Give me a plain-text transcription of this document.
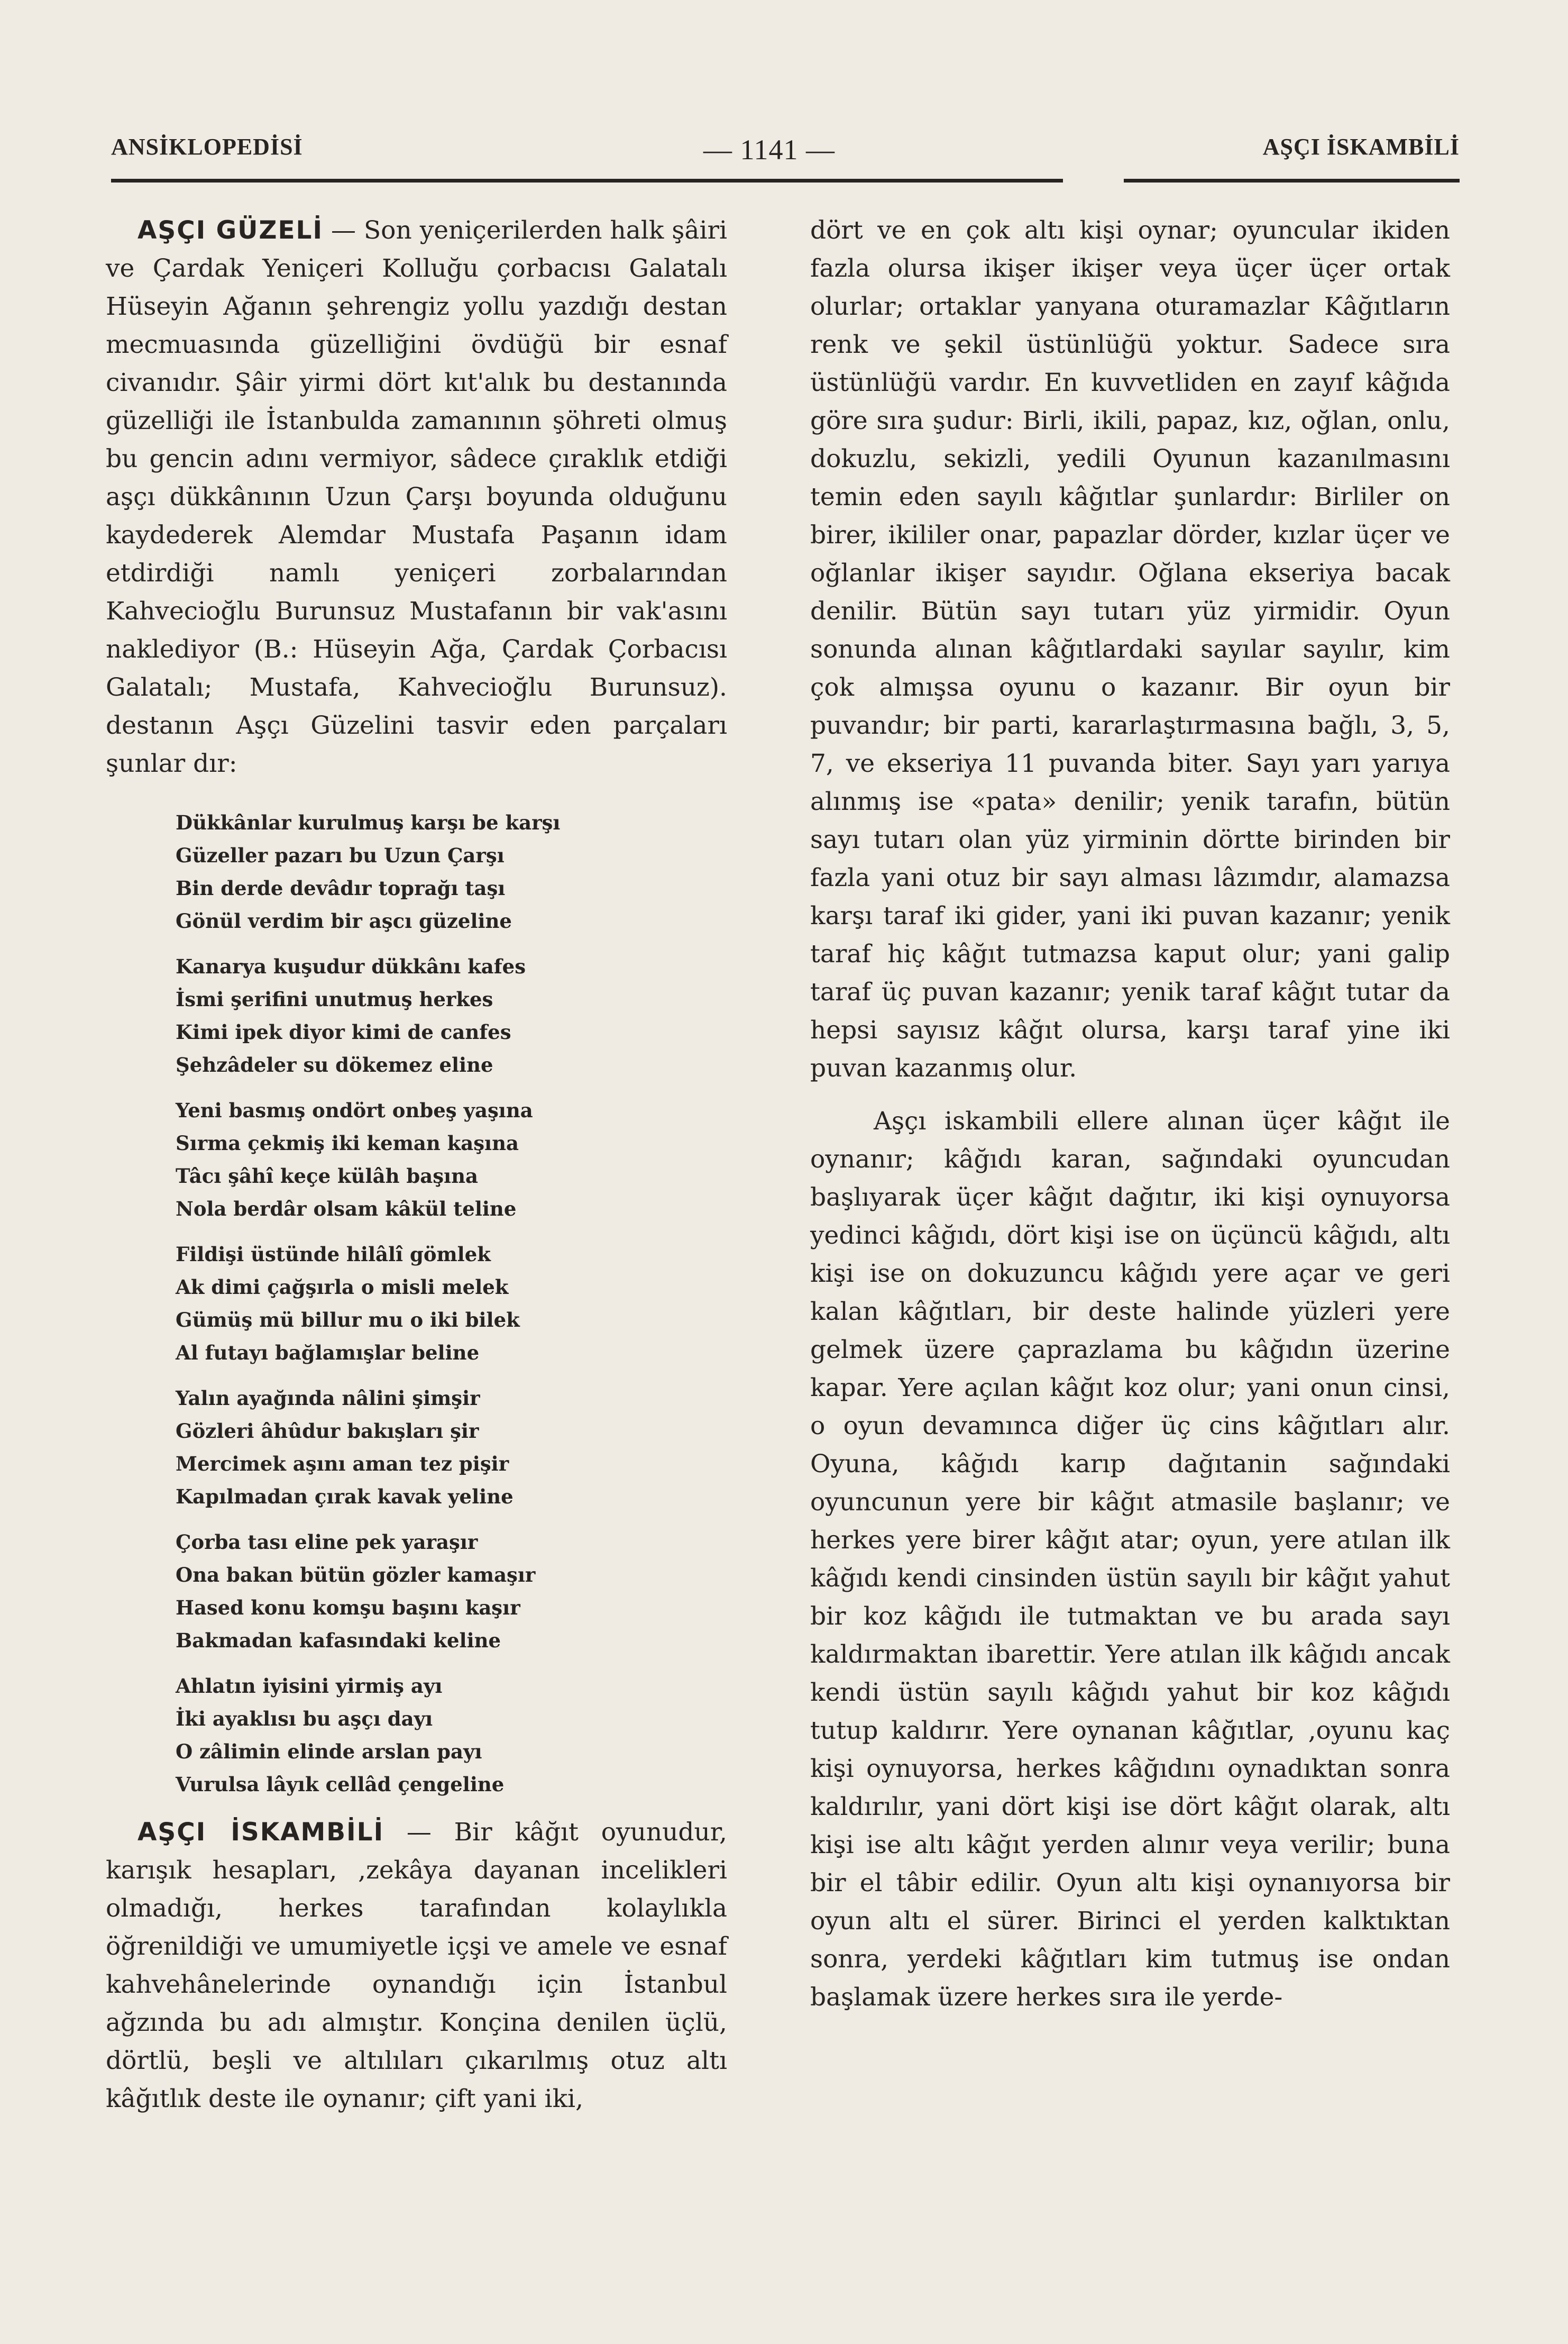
ANSİKLOPEDİSİ	— 1141 —	AŞÇI İSKAMBİLİ

AŞÇI GÜZELİ — Son yeniçerilerden halk şâiri ve Çardak Yeniçeri Kolluğu çorbacısı Galatalı Hüseyin Ağanın şehrengiz yollu yazdığı destan mecmuasında güzelliğini övdüğü bir esnaf civanıdır. Şâir yirmi dört kıt'alık bu destanında güzelliği ile İstanbulda zamanının şöhreti olmuş bu gencin adını vermiyor, sâdece çıraklık etdiği aşçı dükkânının Uzun Çarşı boyunda olduğunu kaydederek Alemdar Mustafa Paşanın idam etdirdiği namlı yeniçeri zorbalarından Kahvecioğlu Burunsuz Mustafanın bir vak'asını naklediyor (B.: Hüseyin Ağa, Çardak Çorbacısı Galatalı; Mustafa, Kahvecioğlu Burunsuz). destanın Aşçı Güzelini tasvir eden parçaları şunlar dır:

Dükkânlar kurulmuş karşı be karşı
Güzeller pazarı bu Uzun Çarşı
Bin derde devâdır toprağı taşı
Gönül verdim bir aşcı güzeline
Kanarya kuşudur dükkânı kafes
İsmi şerifini unutmuş herkes
Kimi ipek diyor kimi de canfes
Şehzâdeler su dökemez eline
Yeni basmış ondört onbeş yaşına
Sırma çekmiş iki keman kaşına
Tâcı şâhî keçe külâh başına
Nola berdâr olsam kâkül teline
Fildişi üstünde hilâlî gömlek
Ak dimi çağşırla o misli melek
Gümüş mü billur mu o iki bilek
Al futayı bağlamışlar beline
Yalın ayağında nâlini şimşir
Gözleri âhûdur bakışları şir
Mercimek aşını aman tez pişir
Kapılmadan çırak kavak yeline
Çorba tası eline pek yaraşır
Ona bakan bütün gözler kamaşır
Hased konu komşu başını kaşır
Bakmadan kafasındaki keline
Ahlatın iyisini yirmiş ayı
İki ayaklısı bu aşçı dayı
O zâlimin elinde arslan payı
Vurulsa lâyık cellâd çengeline

AŞÇI İSKAMBİLİ — Bir kâğıt oyunudur, karışık hesapları, ,zekâya dayanan incelikleri olmadığı, herkes tarafından kolaylıkla öğrenildiği ve umumiyetle içşi ve amele ve esnaf kahvehânelerinde oynandığı için İstanbul ağzında bu adı almıştır. Konçina denilen üçlü, dörtlü, beşli ve altılıları çıkarılmış otuz altı kâğıtlık deste ile oynanır; çift yani iki,

dört ve en çok altı kişi oynar; oyuncular ikiden fazla olursa ikişer ikişer veya üçer üçer ortak olurlar; ortaklar yanyana oturamazlar Kâğıtların renk ve şekil üstünlüğü yoktur. Sadece sıra üstünlüğü vardır. En kuvvetliden en zayıf kâğıda göre sıra şudur: Birli, ikili, papaz, kız, oğlan, onlu, dokuzlu, sekizli, yedili Oyunun kazanılmasını temin eden sayılı kâğıtlar şunlardır: Birliler on birer, ikililer onar, papazlar dörder, kızlar üçer ve oğlanlar ikişer sayıdır. Oğlana ekseriya bacak denilir. Bütün sayı tutarı yüz yirmidir. Oyun sonunda alınan kâğıtlardaki sayılar sayılır, kim çok almışsa oyunu o kazanır. Bir oyun bir puvandır; bir parti, kararlaştırmasına bağlı, 3, 5, 7, ve ekseriya 11 puvanda biter. Sayı yarı yarıya alınmış ise «pata» denilir; yenik tarafın, bütün sayı tutarı olan yüz yirminin dörtte birinden bir fazla yani otuz bir sayı alması lâzımdır, alamazsa karşı taraf iki gider, yani iki puvan kazanır; yenik taraf hiç kâğıt tutmazsa kaput olur; yani galip taraf üç puvan kazanır; yenik taraf kâğıt tutar da hepsi sayısız kâğıt olursa, karşı taraf yine iki puvan kazanmış olur.

Aşçı iskambili ellere alınan üçer kâğıt ile oynanır; kâğıdı karan, sağındaki oyuncudan başlıyarak üçer kâğıt dağıtır, iki kişi oynuyorsa yedinci kâğıdı, dört kişi ise on üçüncü kâğıdı, altı kişi ise on dokuzuncu kâğıdı yere açar ve geri kalan kâğıtları, bir deste halinde yüzleri yere gelmek üzere çaprazlama bu kâğıdın üzerine kapar. Yere açılan kâğıt koz olur; yani onun cinsi, o oyun devamınca diğer üç cins kâğıtları alır. Oyuna, kâğıdı karıp dağıtanin sağındaki oyuncunun yere bir kâğıt atmasile başlanır; ve herkes yere birer kâğıt atar; oyun, yere atılan ilk kâğıdı kendi cinsinden üstün sayılı bir kâğıt yahut bir koz kâğıdı ile tutmaktan ve bu arada sayı kaldırmaktan ibarettir. Yere atılan ilk kâğıdı ancak kendi üstün sayılı kâğıdı yahut bir koz kâğıdı tutup kaldırır. Yere oynanan kâğıtlar, ,oyunu kaç kişi oynuyorsa, herkes kâğıdını oynadıktan sonra kaldırılır, yani dört kişi ise dört kâğıt olarak, altı kişi ise altı kâğıt yerden alınır veya verilir; buna bir el tâbir edilir. Oyun altı kişi oynanıyorsa bir oyun altı el sürer. Birinci el yerden kalktıktan sonra, yerdeki kâğıtları kim tutmuş ise ondan başlamak üzere herkes sıra ile yerde-
